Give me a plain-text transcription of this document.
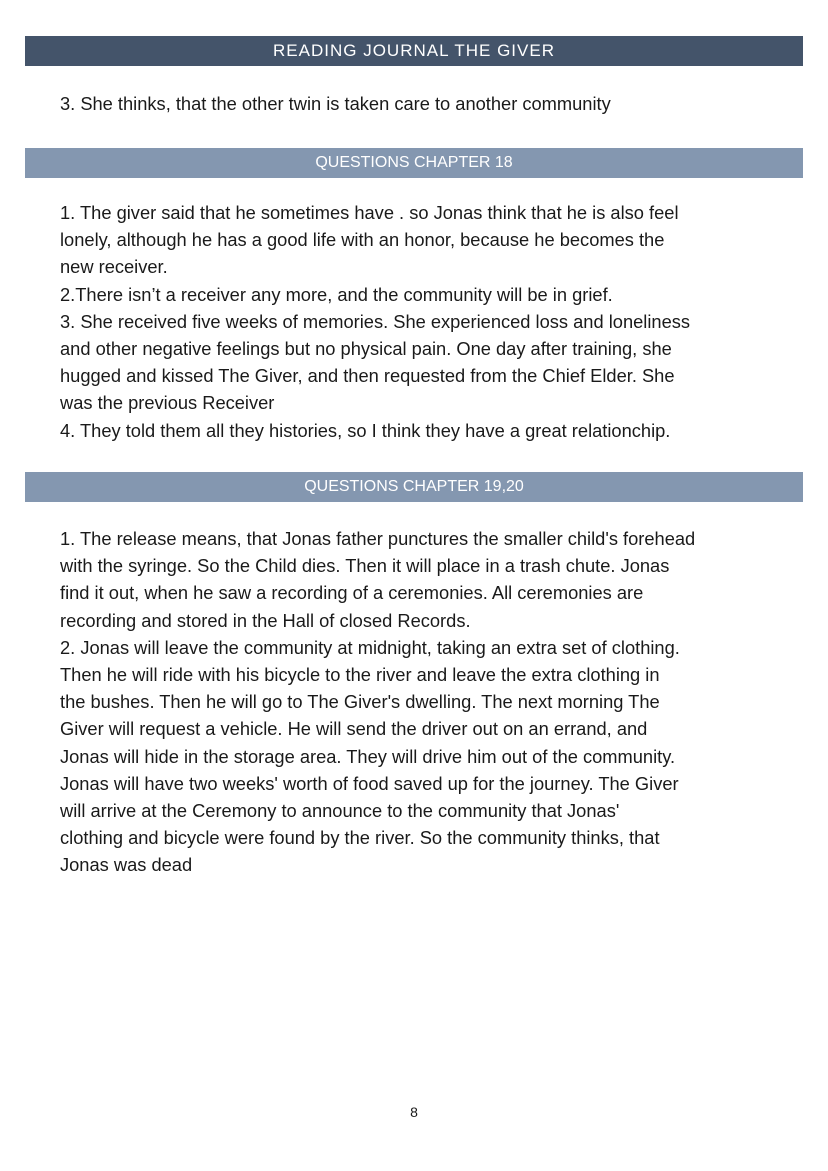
READING JOURNAL THE GIVER
3. She thinks, that the other twin is taken care to another community
QUESTIONS CHAPTER 18
1. The giver said that he sometimes have . so Jonas think that he is also feel
lonely, although he has a good life with an honor, because he becomes the
new receiver.
2.There isn’t a receiver any more, and the community will be in grief.
3. She received five weeks of memories. She experienced loss and loneliness
and other negative feelings but no physical pain. One day after training, she
hugged and kissed The Giver, and then requested from the Chief Elder. She
was the previous Receiver
4. They told them all they histories, so I think they have a great relationchip.
QUESTIONS CHAPTER 19,20
1. The release means, that Jonas father punctures the smaller child's forehead
with the syringe. So the Child dies. Then it will place in a trash chute. Jonas
find it out, when he saw a recording of a ceremonies. All ceremonies are
recording and stored in the Hall of closed Records.
2. Jonas will leave the community at midnight, taking an extra set of clothing.
Then he will ride with his bicycle to the river and leave the extra clothing in
the bushes. Then he will go to The Giver's dwelling. The next morning The
Giver will request a vehicle. He will send the driver out on an errand, and
Jonas will hide in the storage area. They will drive him out of the community.
Jonas will have two weeks' worth of food saved up for the journey. The Giver
will arrive at the Ceremony to announce to the community that Jonas'
clothing and bicycle were found by the river. So the community thinks, that
Jonas was dead
8
